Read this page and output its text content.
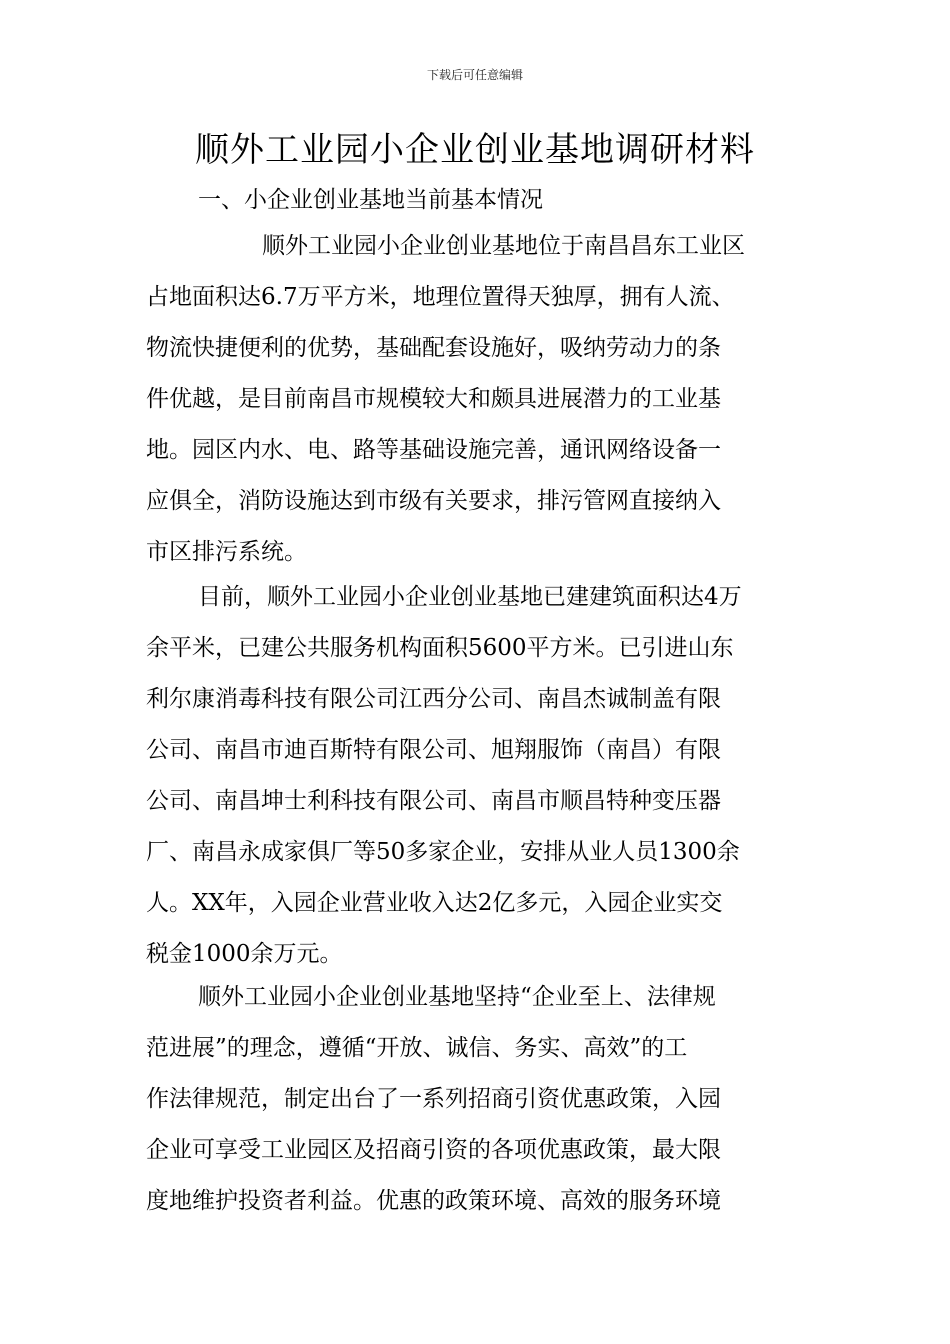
下载后可任意编辑
顺外工业园小企业创业基地调研材料
一、小企业创业基地当前基本情况
顺外工业园小企业创业基地位于南昌昌东工业区
占地面积达6.7万平方米，地理位置得天独厚，拥有人流、
物流快捷便利的优势，基础配套设施好，吸纳劳动力的条
件优越，是目前南昌市规模较大和颇具进展潜力的工业基
地。园区内水、电、路等基础设施完善，通讯网络设备一
应俱全，消防设施达到市级有关要求，排污管网直接纳入
市区排污系统。
目前，顺外工业园小企业创业基地已建建筑面积达4万
余平米，已建公共服务机构面积5600平方米。已引进山东
利尔康消毒科技有限公司江西分公司、南昌杰诚制盖有限
公司、南昌市迪百斯特有限公司、旭翔服饰（南昌）有限
公司、南昌坤士利科技有限公司、南昌市顺昌特种变压器
厂、南昌永成家俱厂等50多家企业，安排从业人员1300余
人。XX年，入园企业营业收入达2亿多元，入园企业实交
税金1000余万元。
顺外工业园小企业创业基地坚持“企业至上、法律规
范进展”的理念，遵循“开放、诚信、务实、高效”的工
作法律规范，制定出台了一系列招商引资优惠政策，入园
企业可享受工业园区及招商引资的各项优惠政策，最大限
度地维护投资者利益。优惠的政策环境、高效的服务环境
